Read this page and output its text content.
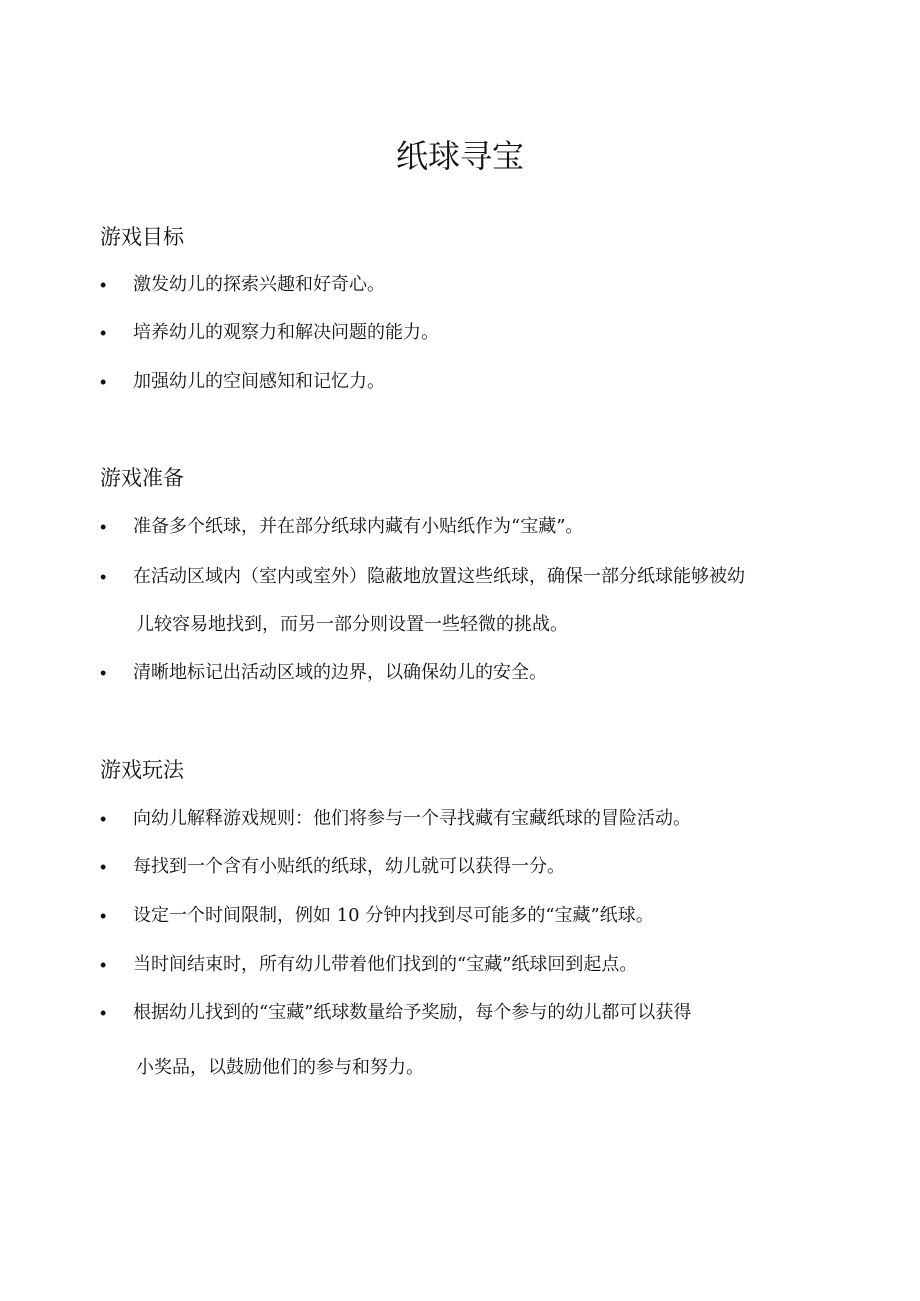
纸球寻宝
游戏目标
•	激发幼儿的探索兴趣和好奇心。
•	培养幼儿的观察力和解决问题的能力。
•	加强幼儿的空间感知和记忆力。
游戏准备
•	准备多个纸球，并在部分纸球内藏有小贴纸作为“宝藏”。
•	在活动区域内（室内或室外）隐蔽地放置这些纸球，确保一部分纸球能够被幼
儿较容易地找到，而另一部分则设置一些轻微的挑战。
•	清晰地标记出活动区域的边界，以确保幼儿的安全。
游戏玩法
•	向幼儿解释游戏规则：他们将参与一个寻找藏有宝藏纸球的冒险活动。
•	每找到一个含有小贴纸的纸球，幼儿就可以获得一分。
•	设定一个时间限制，例如 10 分钟内找到尽可能多的“宝藏”纸球。
•	当时间结束时，所有幼儿带着他们找到的“宝藏”纸球回到起点。
•	根据幼儿找到的“宝藏”纸球数量给予奖励，每个参与的幼儿都可以获得
小奖品，以鼓励他们的参与和努力。
